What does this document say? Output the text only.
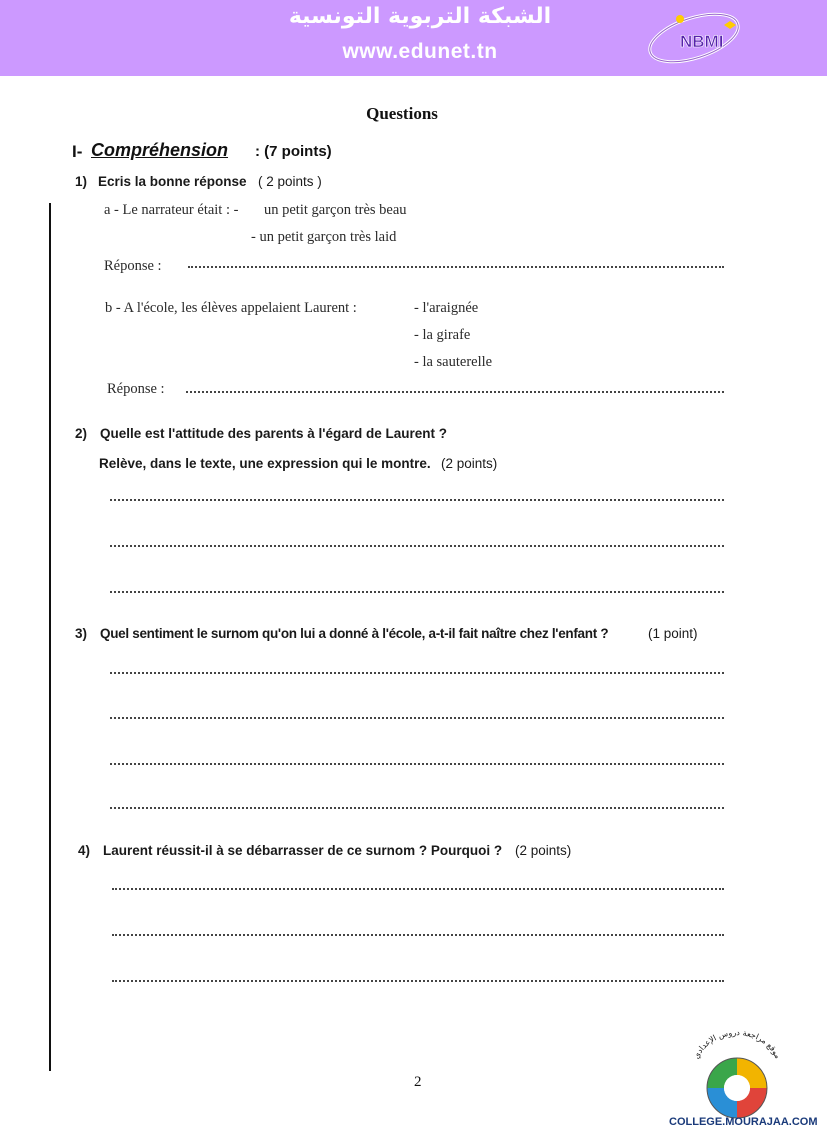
الشبكة التربوية التونسية
www.edunet.tn	NBMI
Questions
I- Compréhension : (7 points)
1) Ecris la bonne réponse ( 2 points )
a - Le narrateur était : - un petit garçon très beau
- un petit garçon très laid
Réponse :
b - A l'école, les élèves appelaient Laurent :	- l'araignée
- la girafe
- la sauterelle
Réponse :
2) Quelle est l'attitude des parents à l'égard de Laurent ?
Relève, dans le texte, une expression qui le montre. (2 points)
3) Quel sentiment le surnom qu'on lui a donné à l'école, a-t-il fait naître chez l'enfant ?	(1 point)
4) Laurent réussit-il à se débarrasser de ce surnom ? Pourquoi ? (2 points)
2
موقع مراجعة دروس الإعدادي
COLLEGE.MOURAJAA.COM
